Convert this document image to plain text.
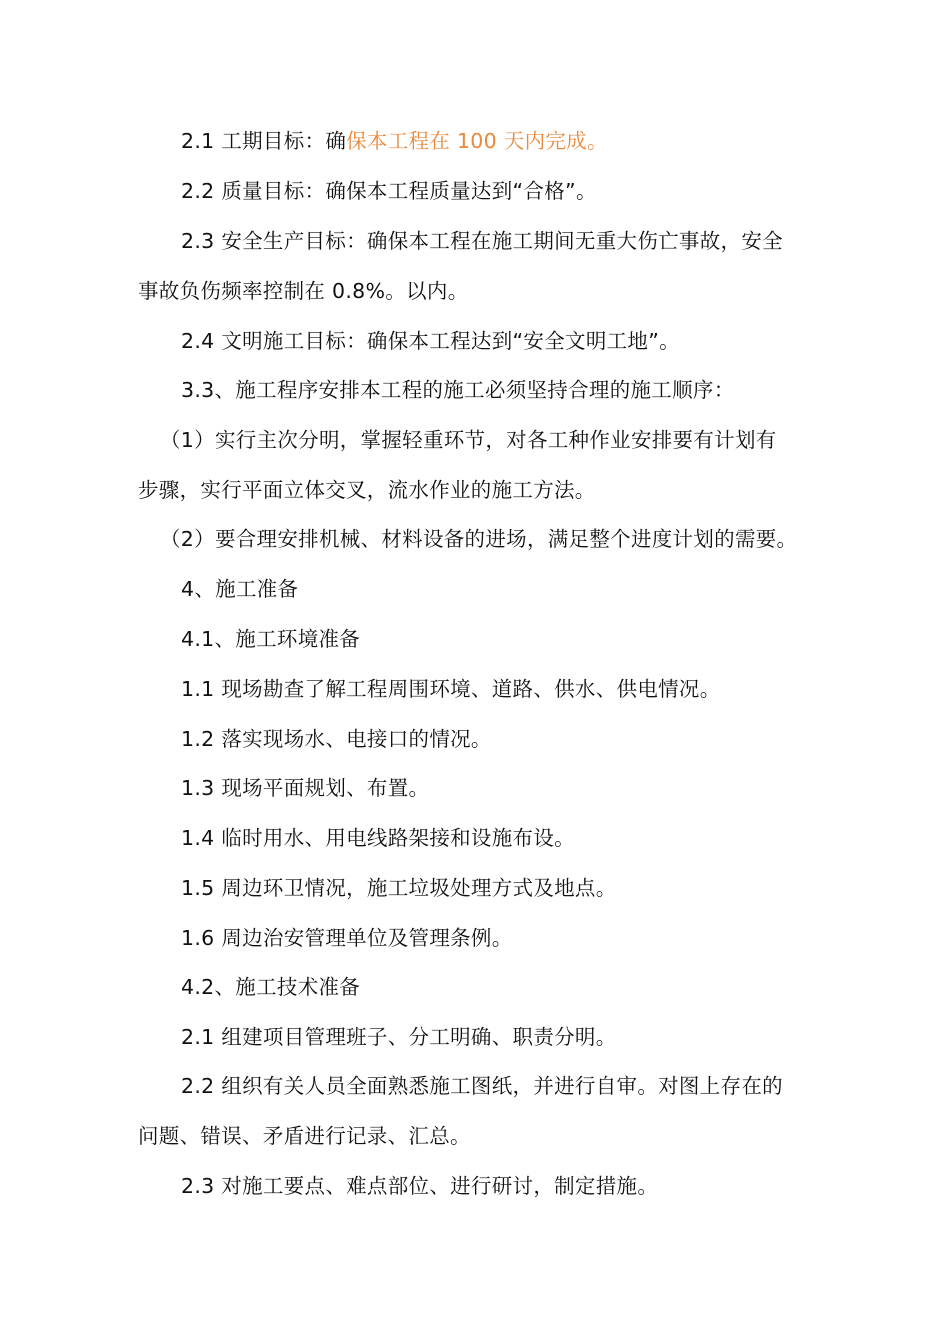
2.1 工期目标：确保本工程在 100 天内完成。

2.2 质量目标：确保本工程质量达到“合格”。

2.3 安全生产目标：确保本工程在施工期间无重大伤亡事故，安全

事故负伤频率控制在 0.8%。以内。

2.4 文明施工目标：确保本工程达到“安全文明工地”。

3.3、施工程序安排本工程的施工必须坚持合理的施工顺序：

（1）实行主次分明，掌握轻重环节，对各工种作业安排要有计划有

步骤，实行平面立体交叉，流水作业的施工方法。

（2）要合理安排机械、材料设备的进场，满足整个进度计划的需要。

4、施工准备

4.1、施工环境准备

1.1 现场勘查了解工程周围环境、道路、供水、供电情况。

1.2 落实现场水、电接口的情况。

1.3 现场平面规划、布置。

1.4 临时用水、用电线路架接和设施布设。

1.5 周边环卫情况，施工垃圾处理方式及地点。

1.6 周边治安管理单位及管理条例。

4.2、施工技术准备

2.1 组建项目管理班子、分工明确、职责分明。

2.2 组织有关人员全面熟悉施工图纸，并进行自审。对图上存在的

问题、错误、矛盾进行记录、汇总。

2.3 对施工要点、难点部位、进行研讨，制定措施。
